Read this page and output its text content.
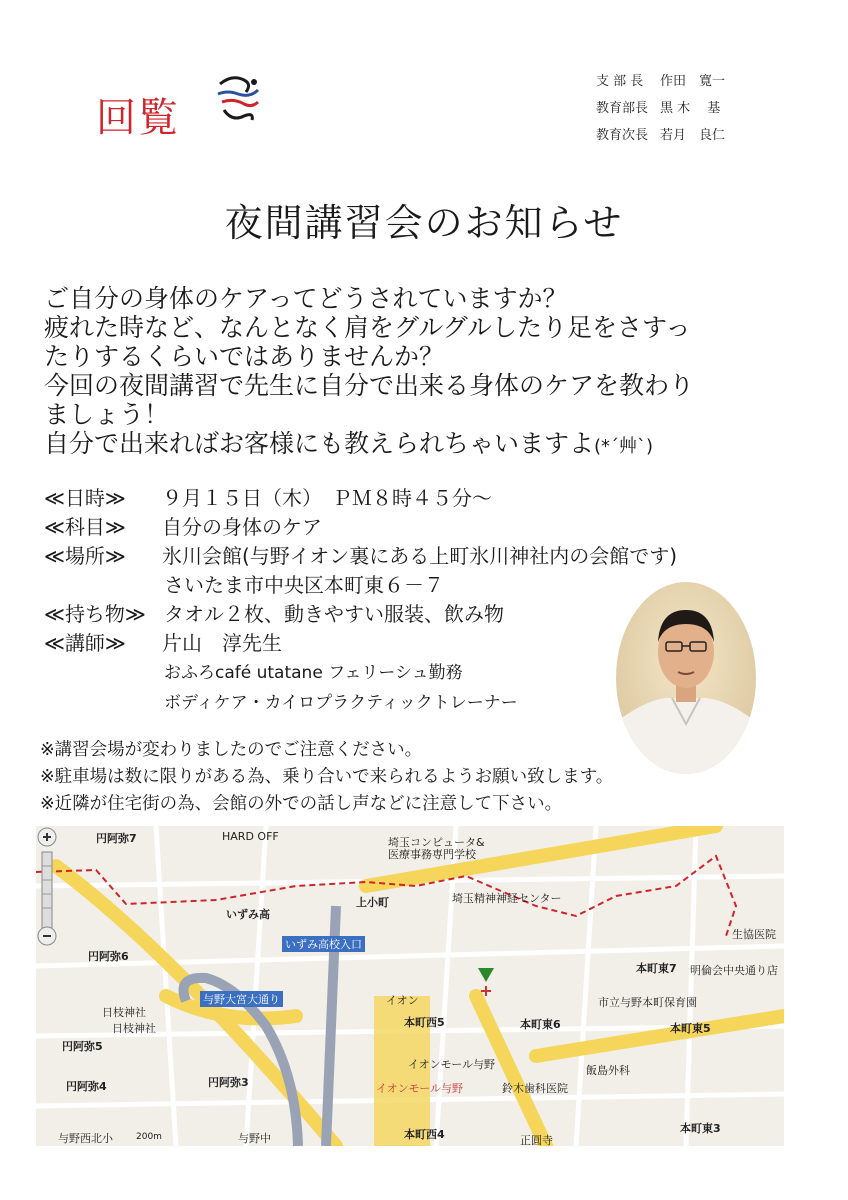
回覧
支 部 長	作田　寛一
教育部長 黒 木　 基
教育次長 若月　良仁
夜間講習会のお知らせ
ご自分の身体のケアってどうされていますか？
疲れた時など、なんとなく肩をグルグルしたり足をさすっ
たりするくらいではありませんか？
今回の夜間講習で先生に自分で出来る身体のケアを教わり
ましょう！
自分で出来ればお客様にも教えられちゃいますよ(*´艸`)
≪日時≫	９月１５日（木）　ＰＭ８時４５分～
≪科目≫	自分の身体のケア
≪場所≫	氷川会館(与野イオン裏にある上町氷川神社内の会館です)
さいたま市中央区本町東６－７
≪持ち物≫ タオル２枚、動きやすい服装、飲み物
≪講師≫	片山　淳先生
おふろcafé utatane フェリーシュ勤務
ボディケア・カイロプラクティックトレーナー
※講習会場が変わりましたのでご注意ください。
※駐車場は数に限りがある為、乗り合いで来られるようお願い致します。
※近隣が住宅街の為、会館の外での話し声などに注意して下さい。
円阿弥7
円阿弥6
円阿弥5
円阿弥4	円阿弥3
HARD OFF	埼玉コンピュータ&
医療事務専門学校
いずみ高
いずみ高校入口
上小町	埼玉精神神経センター
生協医院
本町東7 明倫会中央通り店
市立与野本町保育園
本町東6	本町東5
本町西5
本町西4	本町東3
イオン
イオンモール与野
イオンモール与野
与野大宮大通り
日枝神社
日枝神社
飯島外科
鈴木歯科医院
正圓寺
与野西北小	与野中
200m
